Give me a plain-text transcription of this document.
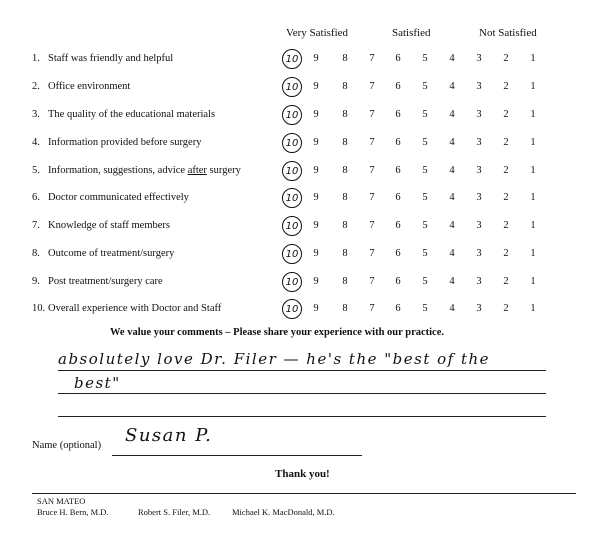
Very Satisfied	Satisfied	Not Satisfied
1. Staff was friendly and helpful	10	9	8	7	6	5	4	3	2	1
2. Office environment	10	9	8	7	6	5	4	3	2	1
3. The quality of the educational materials	10	9	8	7	6	5	4	3	2	1
4. Information provided before surgery	10	9	8	7	6	5	4	3	2	1
5. Information, suggestions, advice after surgery	10	9	8	7	6	5	4	3	2	1
6. Doctor communicated effectively	10	9	8	7	6	5	4	3	2	1
7. Knowledge of staff members	10	9	8	7	6	5	4	3	2	1
8. Outcome of treatment/surgery	10	9	8	7	6	5	4	3	2	1
9. Post treatment/surgery care	10	9	8	7	6	5	4	3	2	1
10. Overall experience with Doctor and Staff	10	9	8	7	6	5	4	3	2	1
We value your comments – Please share your experience with our practice.
absolutely love Dr. Filer — he's the "best of the
best"
Name (optional) Susan P.
Thank you!
SAN MATEO
Bruce H. Bern, M.D.	Robert S. Filer, M.D.	Michael K. MacDonald, M.D.
